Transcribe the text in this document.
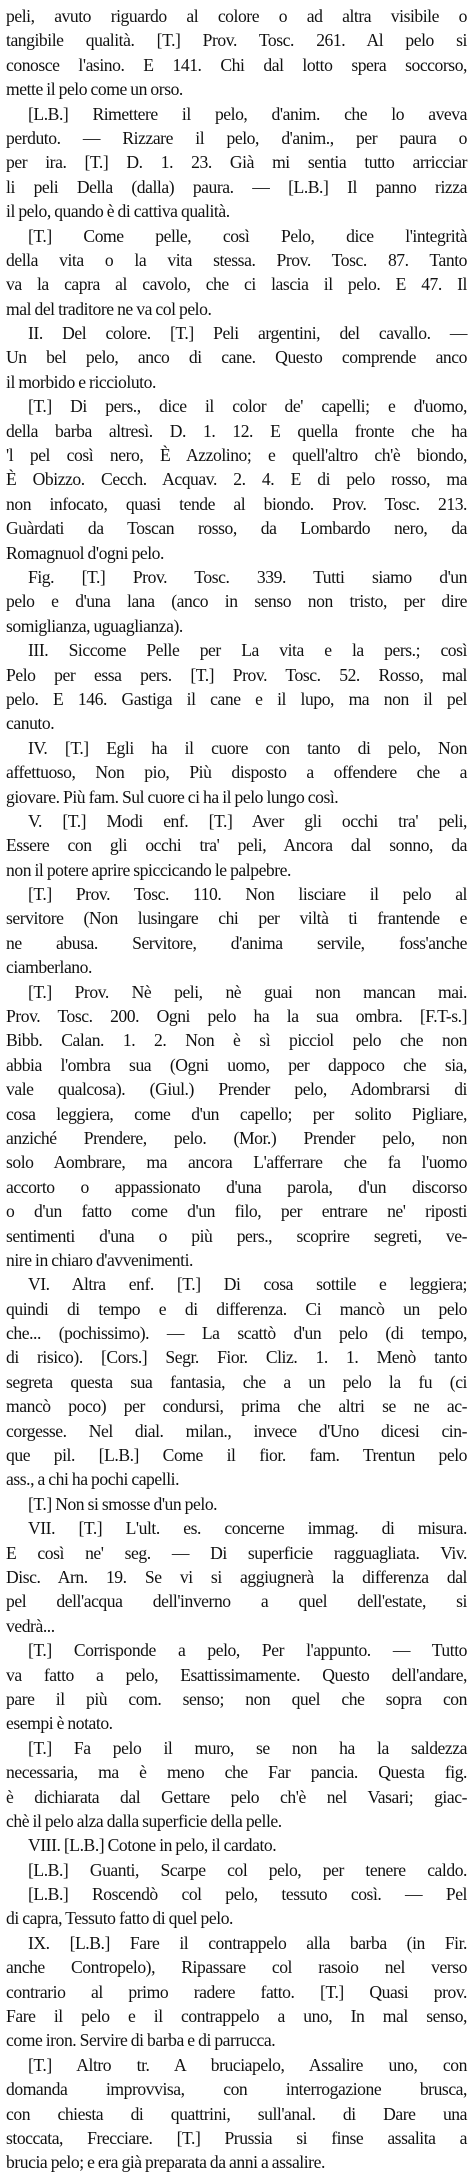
peli, avuto riguardo al colore o ad altra visibile o
tangibile qualità. [T.] Prov. Tosc. 261. Al pelo si
conosce l'asino. E 141. Chi dal lotto spera soccorso,
mette il pelo come un orso.
[L.B.] Rimettere il pelo, d'anim. che lo aveva
perduto. — Rizzare il pelo, d'anim., per paura o
per ira. [T.] D. 1. 23. Già mi sentia tutto arricciar
li peli Della (dalla) paura. — [L.B.] Il panno rizza
il pelo, quando è di cattiva qualità.
[T.] Come pelle, così Pelo, dice l'integrità
della vita o la vita stessa. Prov. Tosc. 87. Tanto
va la capra al cavolo, che ci lascia il pelo. E 47. Il
mal del traditore ne va col pelo.
II. Del colore. [T.] Peli argentini, del cavallo. —
Un bel pelo, anco di cane. Questo comprende anco
il morbido e riccioluto.
[T.] Di pers., dice il color de' capelli; e d'uomo,
della barba altresì. D. 1. 12. E quella fronte che ha
'l pel così nero, È Azzolino; e quell'altro ch'è biondo,
È Obizzo. Cecch. Acquav. 2. 4. E di pelo rosso, ma
non infocato, quasi tende al biondo. Prov. Tosc. 213.
Guàrdati da Toscan rosso, da Lombardo nero, da
Romagnuol d'ogni pelo.
Fig. [T.] Prov. Tosc. 339. Tutti siamo d'un
pelo e d'una lana (anco in senso non tristo, per dire
somiglianza, uguaglianza).
III. Siccome Pelle per La vita e la pers.; così
Pelo per essa pers. [T.] Prov. Tosc. 52. Rosso, mal
pelo. E 146. Gastiga il cane e il lupo, ma non il pel
canuto.
IV. [T.] Egli ha il cuore con tanto di pelo, Non
affettuoso, Non pio, Più disposto a offendere che a
giovare. Più fam. Sul cuore ci ha il pelo lungo così.
V. [T.] Modi enf. [T.] Aver gli occhi tra' peli,
Essere con gli occhi tra' peli, Ancora dal sonno, da
non il potere aprire spiccicando le palpebre.
[T.] Prov. Tosc. 110. Non lisciare il pelo al
servitore (Non lusingare chi per viltà ti frantende e
ne abusa. Servitore, d'anima servile, foss'anche
ciamberlano.
[T.] Prov. Nè peli, nè guai non mancan mai.
Prov. Tosc. 200. Ogni pelo ha la sua ombra. [F.T-s.]
Bibb. Calan. 1. 2. Non è sì picciol pelo che non
abbia l'ombra sua (Ogni uomo, per dappoco che sia,
vale qualcosa). (Giul.) Prender pelo, Adombrarsi di
cosa leggiera, come d'un capello; per solito Pigliare,
anziché Prendere, pelo. (Mor.) Prender pelo, non
solo Aombrare, ma ancora L'afferrare che fa l'uomo
accorto o appassionato d'una parola, d'un discorso
o d'un fatto come d'un filo, per entrare ne' riposti
sentimenti d'una o più pers., scoprire segreti, ve-
nire in chiaro d'avvenimenti.
VI. Altra enf. [T.] Di cosa sottile e leggiera;
quindi di tempo e di differenza. Ci mancò un pelo
che... (pochissimo). — La scattò d'un pelo (di tempo,
di risico). [Cors.] Segr. Fior. Cliz. 1. 1. Menò tanto
segreta questa sua fantasia, che a un pelo la fu (ci
mancò poco) per condursi, prima che altri se ne ac-
corgesse. Nel dial. milan., invece d'Uno dicesi cin-
que pil. [L.B.] Come il fior. fam. Trentun pelo
ass., a chi ha pochi capelli.
[T.] Non si smosse d'un pelo.
VII. [T.] L'ult. es. concerne immag. di misura.
E così ne' seg. — Di superficie ragguagliata. Viv.
Disc. Arn. 19. Se vi si aggiugnerà la differenza dal
pel dell'acqua dell'inverno a quel dell'estate, si
vedrà...
[T.] Corrisponde a pelo, Per l'appunto. — Tutto
va fatto a pelo, Esattissimamente. Questo dell'andare,
pare il più com. senso; non quel che sopra con
esempi è notato.
[T.] Fa pelo il muro, se non ha la saldezza
necessaria, ma è meno che Far pancia. Questa fig.
è dichiarata dal Gettare pelo ch'è nel Vasari; giac-
chè il pelo alza dalla superficie della pelle.
VIII. [L.B.] Cotone in pelo, il cardato.
[L.B.] Guanti, Scarpe col pelo, per tenere caldo.
[L.B.] Roscendò col pelo, tessuto così. — Pel
di capra, Tessuto fatto di quel pelo.
IX. [L.B.] Fare il contrappelo alla barba (in Fir.
anche Contropelo), Ripassare col rasoio nel verso
contrario al primo radere fatto. [T.] Quasi prov.
Fare il pelo e il contrappelo a uno, In mal senso,
come iron. Servire di barba e di parrucca.
[T.] Altro tr. A bruciapelo, Assalire uno, con
domanda improvvisa, con interrogazione brusca,
con chiesta di quattrini, sull'anal. di Dare una
stoccata, Frecciare. [T.] Prussia si finse assalita a
brucia pelo; e era già preparata da anni a assalire.
